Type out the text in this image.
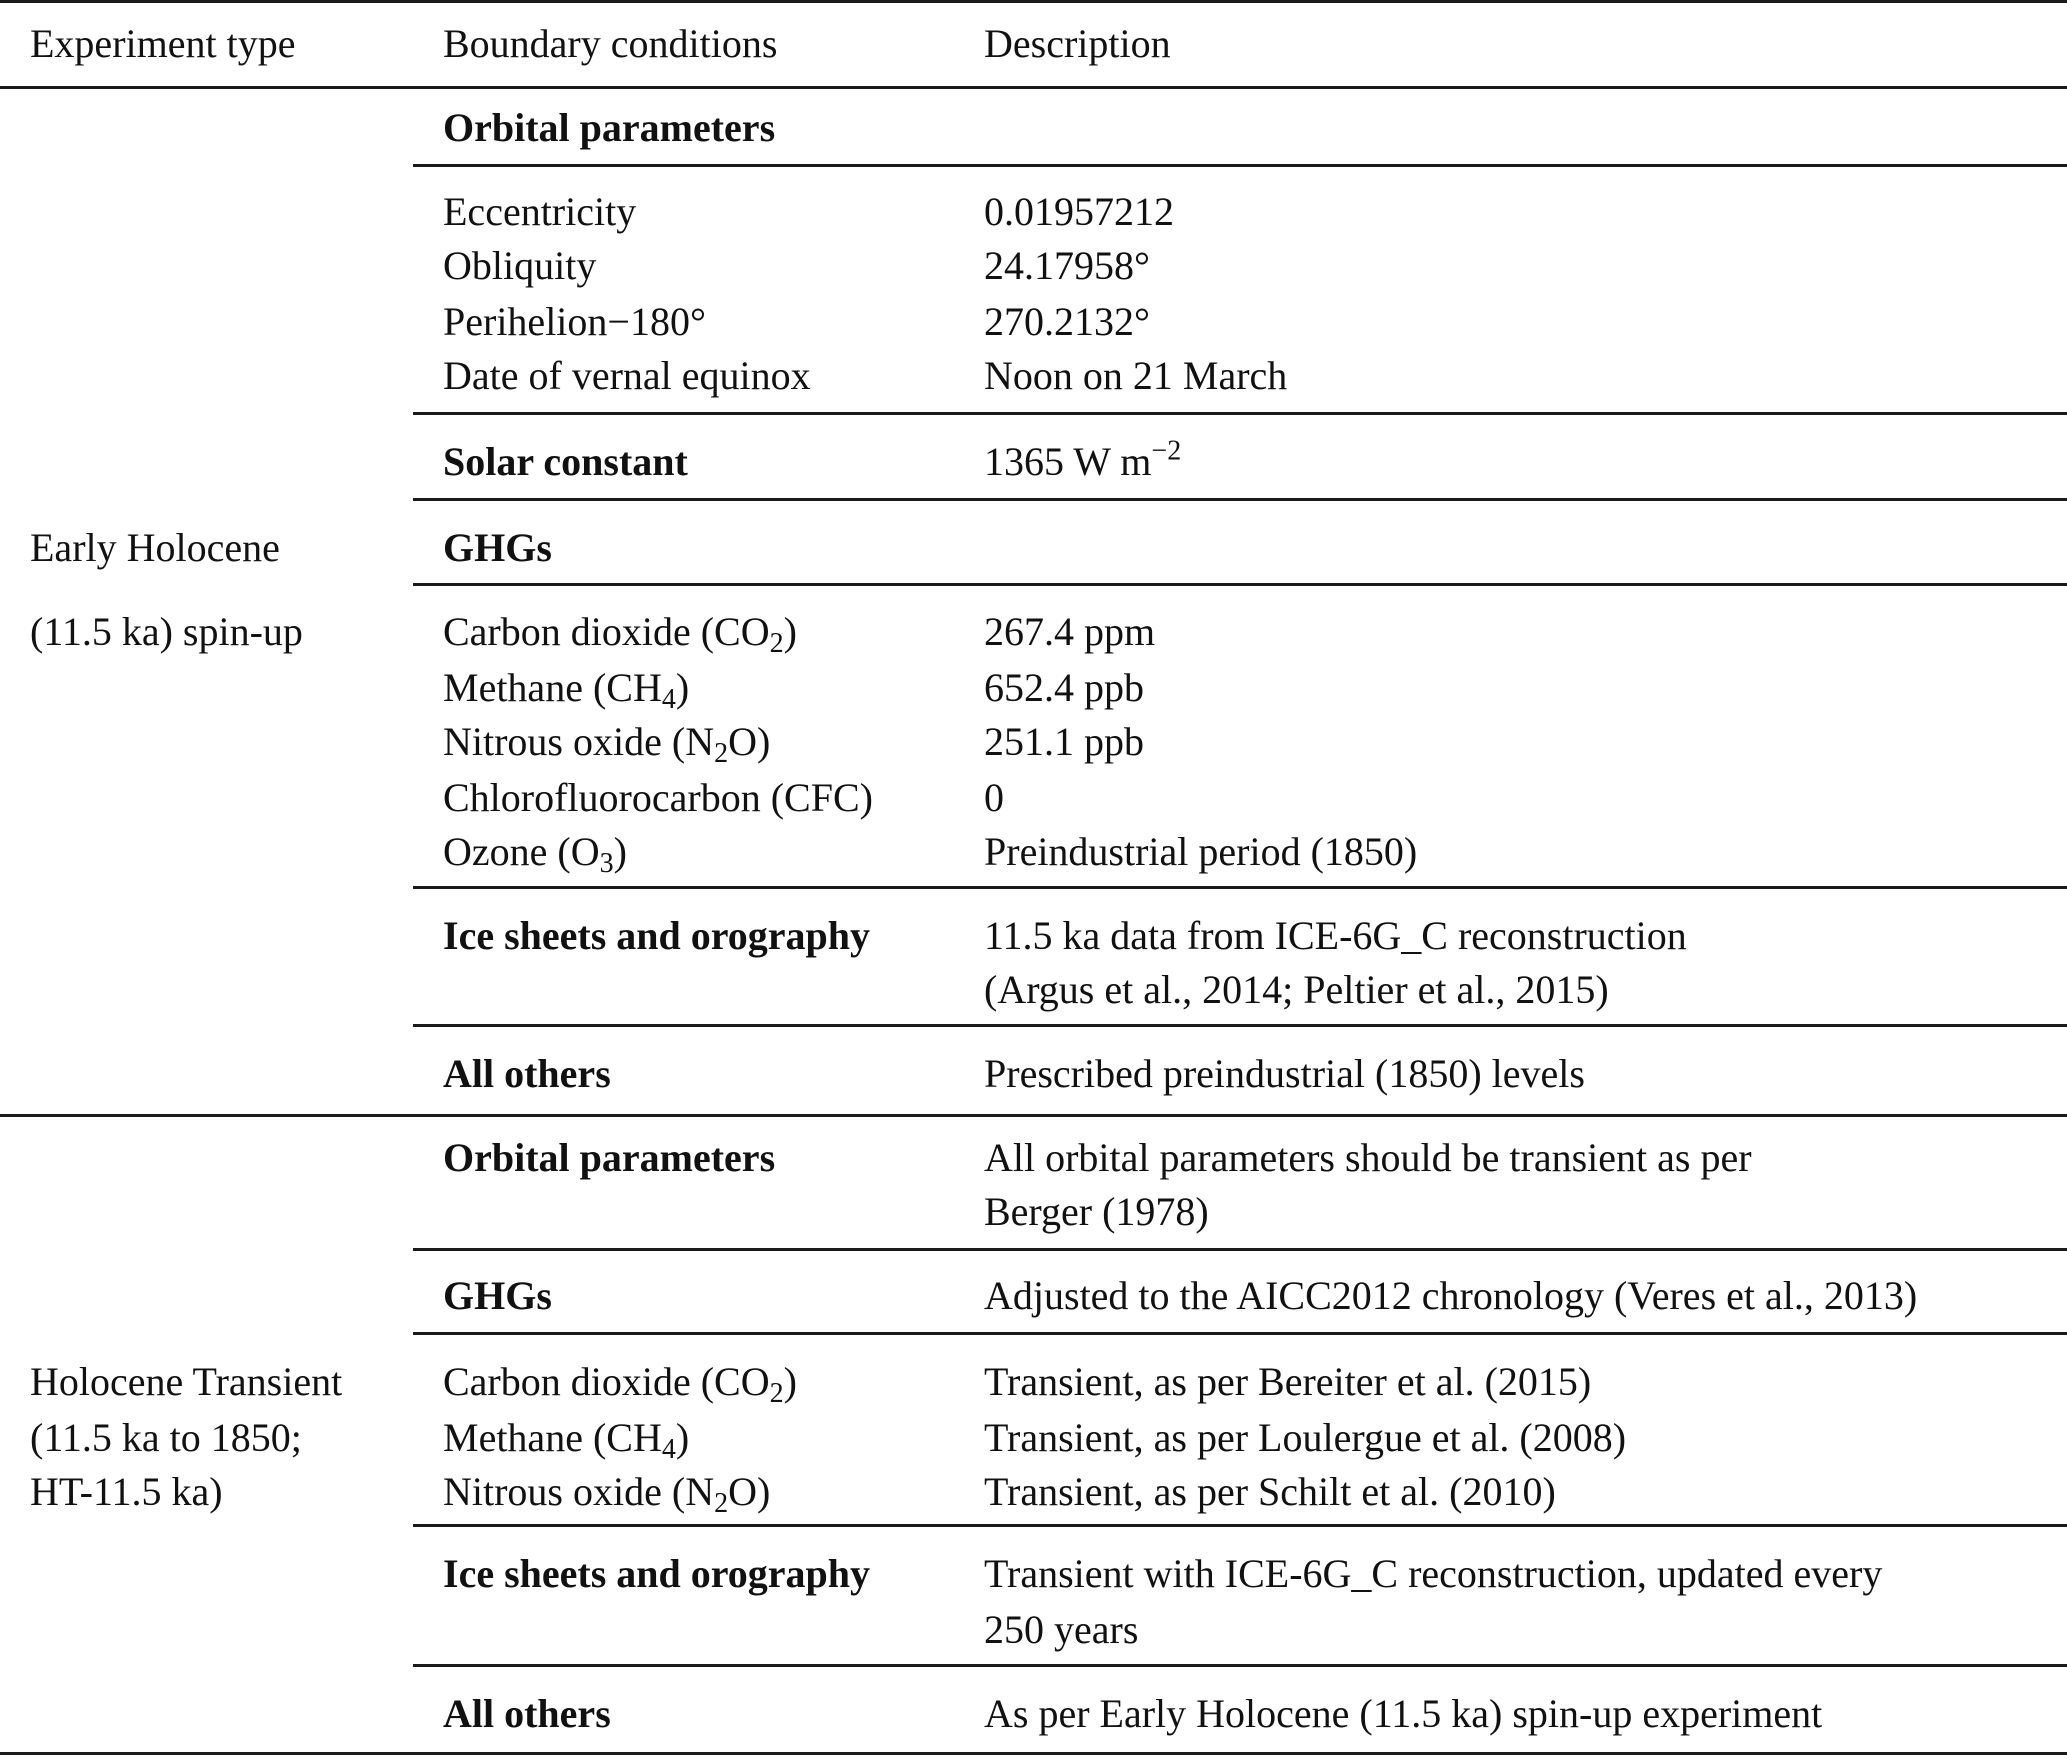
Experiment type	Boundary conditions	Description
Early Holocene
(11.5 ka) spin-up
Orbital parameters
Eccentricity	0.01957212
Obliquity	24.17958°
Perihelion−180°	270.2132°
Date of vernal equinox	Noon on 21 March
Solar constant	1365 W $m^{-2}$
GHGs
Carbon dioxide $(CO_2)$	267.4 ppm
Methane $(CH_4)$	652.4 ppb
Nitrous oxide $(N_2O)$	251.1 ppb
Chlorofluorocarbon (CFC)	0
Ozone $(O_3)$	Preindustrial period (1850)
Ice sheets and orography	11.5 ka data from ICE-6G_C reconstruction
(Argus et al., 2014; Peltier et al., 2015)
All others	Prescribed preindustrial (1850) levels
Holocene Transient
(11.5 ka to 1850;
HT-11.5 ka)
Orbital parameters	All orbital parameters should be transient as per
Berger (1978)
GHGs	Adjusted to the AICC2012 chronology (Veres et al., 2013)
Carbon dioxide $(CO_2)$	Transient, as per Bereiter et al. (2015)
Methane $(CH_4)$	Transient, as per Loulergue et al. (2008)
Nitrous oxide $(N_2O)$	Transient, as per Schilt et al. (2010)
Ice sheets and orography	Transient with ICE-6G_C reconstruction, updated every
250 years
All others	As per Early Holocene (11.5 ka) spin-up experiment
